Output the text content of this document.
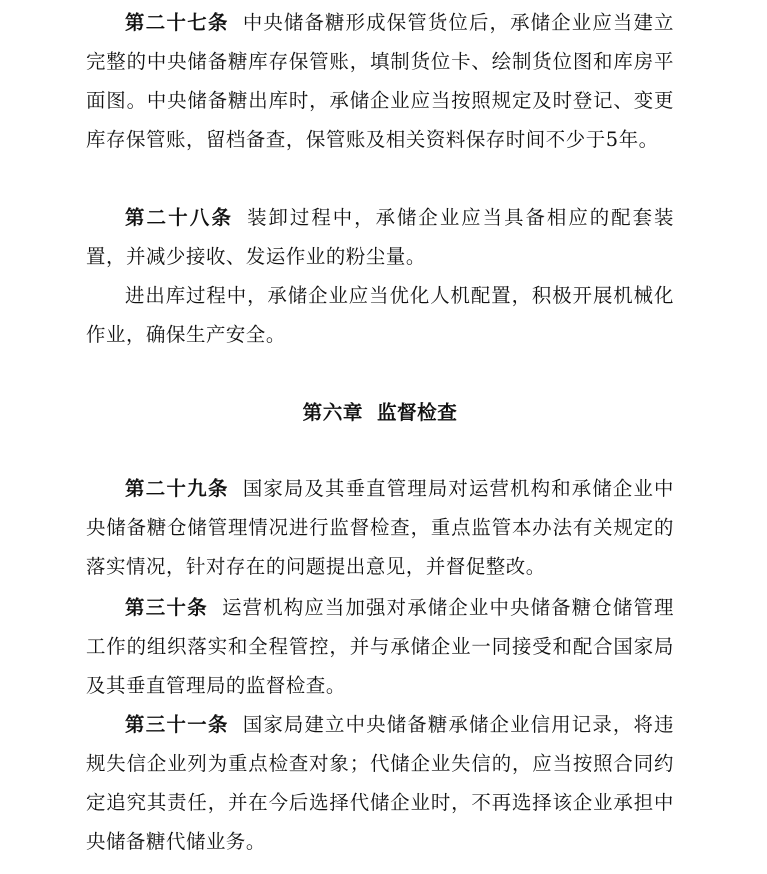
第二十七条 中央储备糖形成保管货位后，承储企业应当建立完整的中央储备糖库存保管账，填制货位卡、绘制货位图和库房平面图。中央储备糖出库时，承储企业应当按照规定及时登记、变更库存保管账，留档备查，保管账及相关资料保存时间不少于5年。

第二十八条 装卸过程中，承储企业应当具备相应的配套装置，并减少接收、发运作业的粉尘量。

进出库过程中，承储企业应当优化人机配置，积极开展机械化作业，确保生产安全。

第六章 监督检查

第二十九条 国家局及其垂直管理局对运营机构和承储企业中央储备糖仓储管理情况进行监督检查，重点监管本办法有关规定的落实情况，针对存在的问题提出意见，并督促整改。

第三十条 运营机构应当加强对承储企业中央储备糖仓储管理工作的组织落实和全程管控，并与承储企业一同接受和配合国家局及其垂直管理局的监督检查。

第三十一条 国家局建立中央储备糖承储企业信用记录，将违规失信企业列为重点检查对象；代储企业失信的，应当按照合同约定追究其责任，并在今后选择代储企业时，不再选择该企业承担中央储备糖代储业务。
